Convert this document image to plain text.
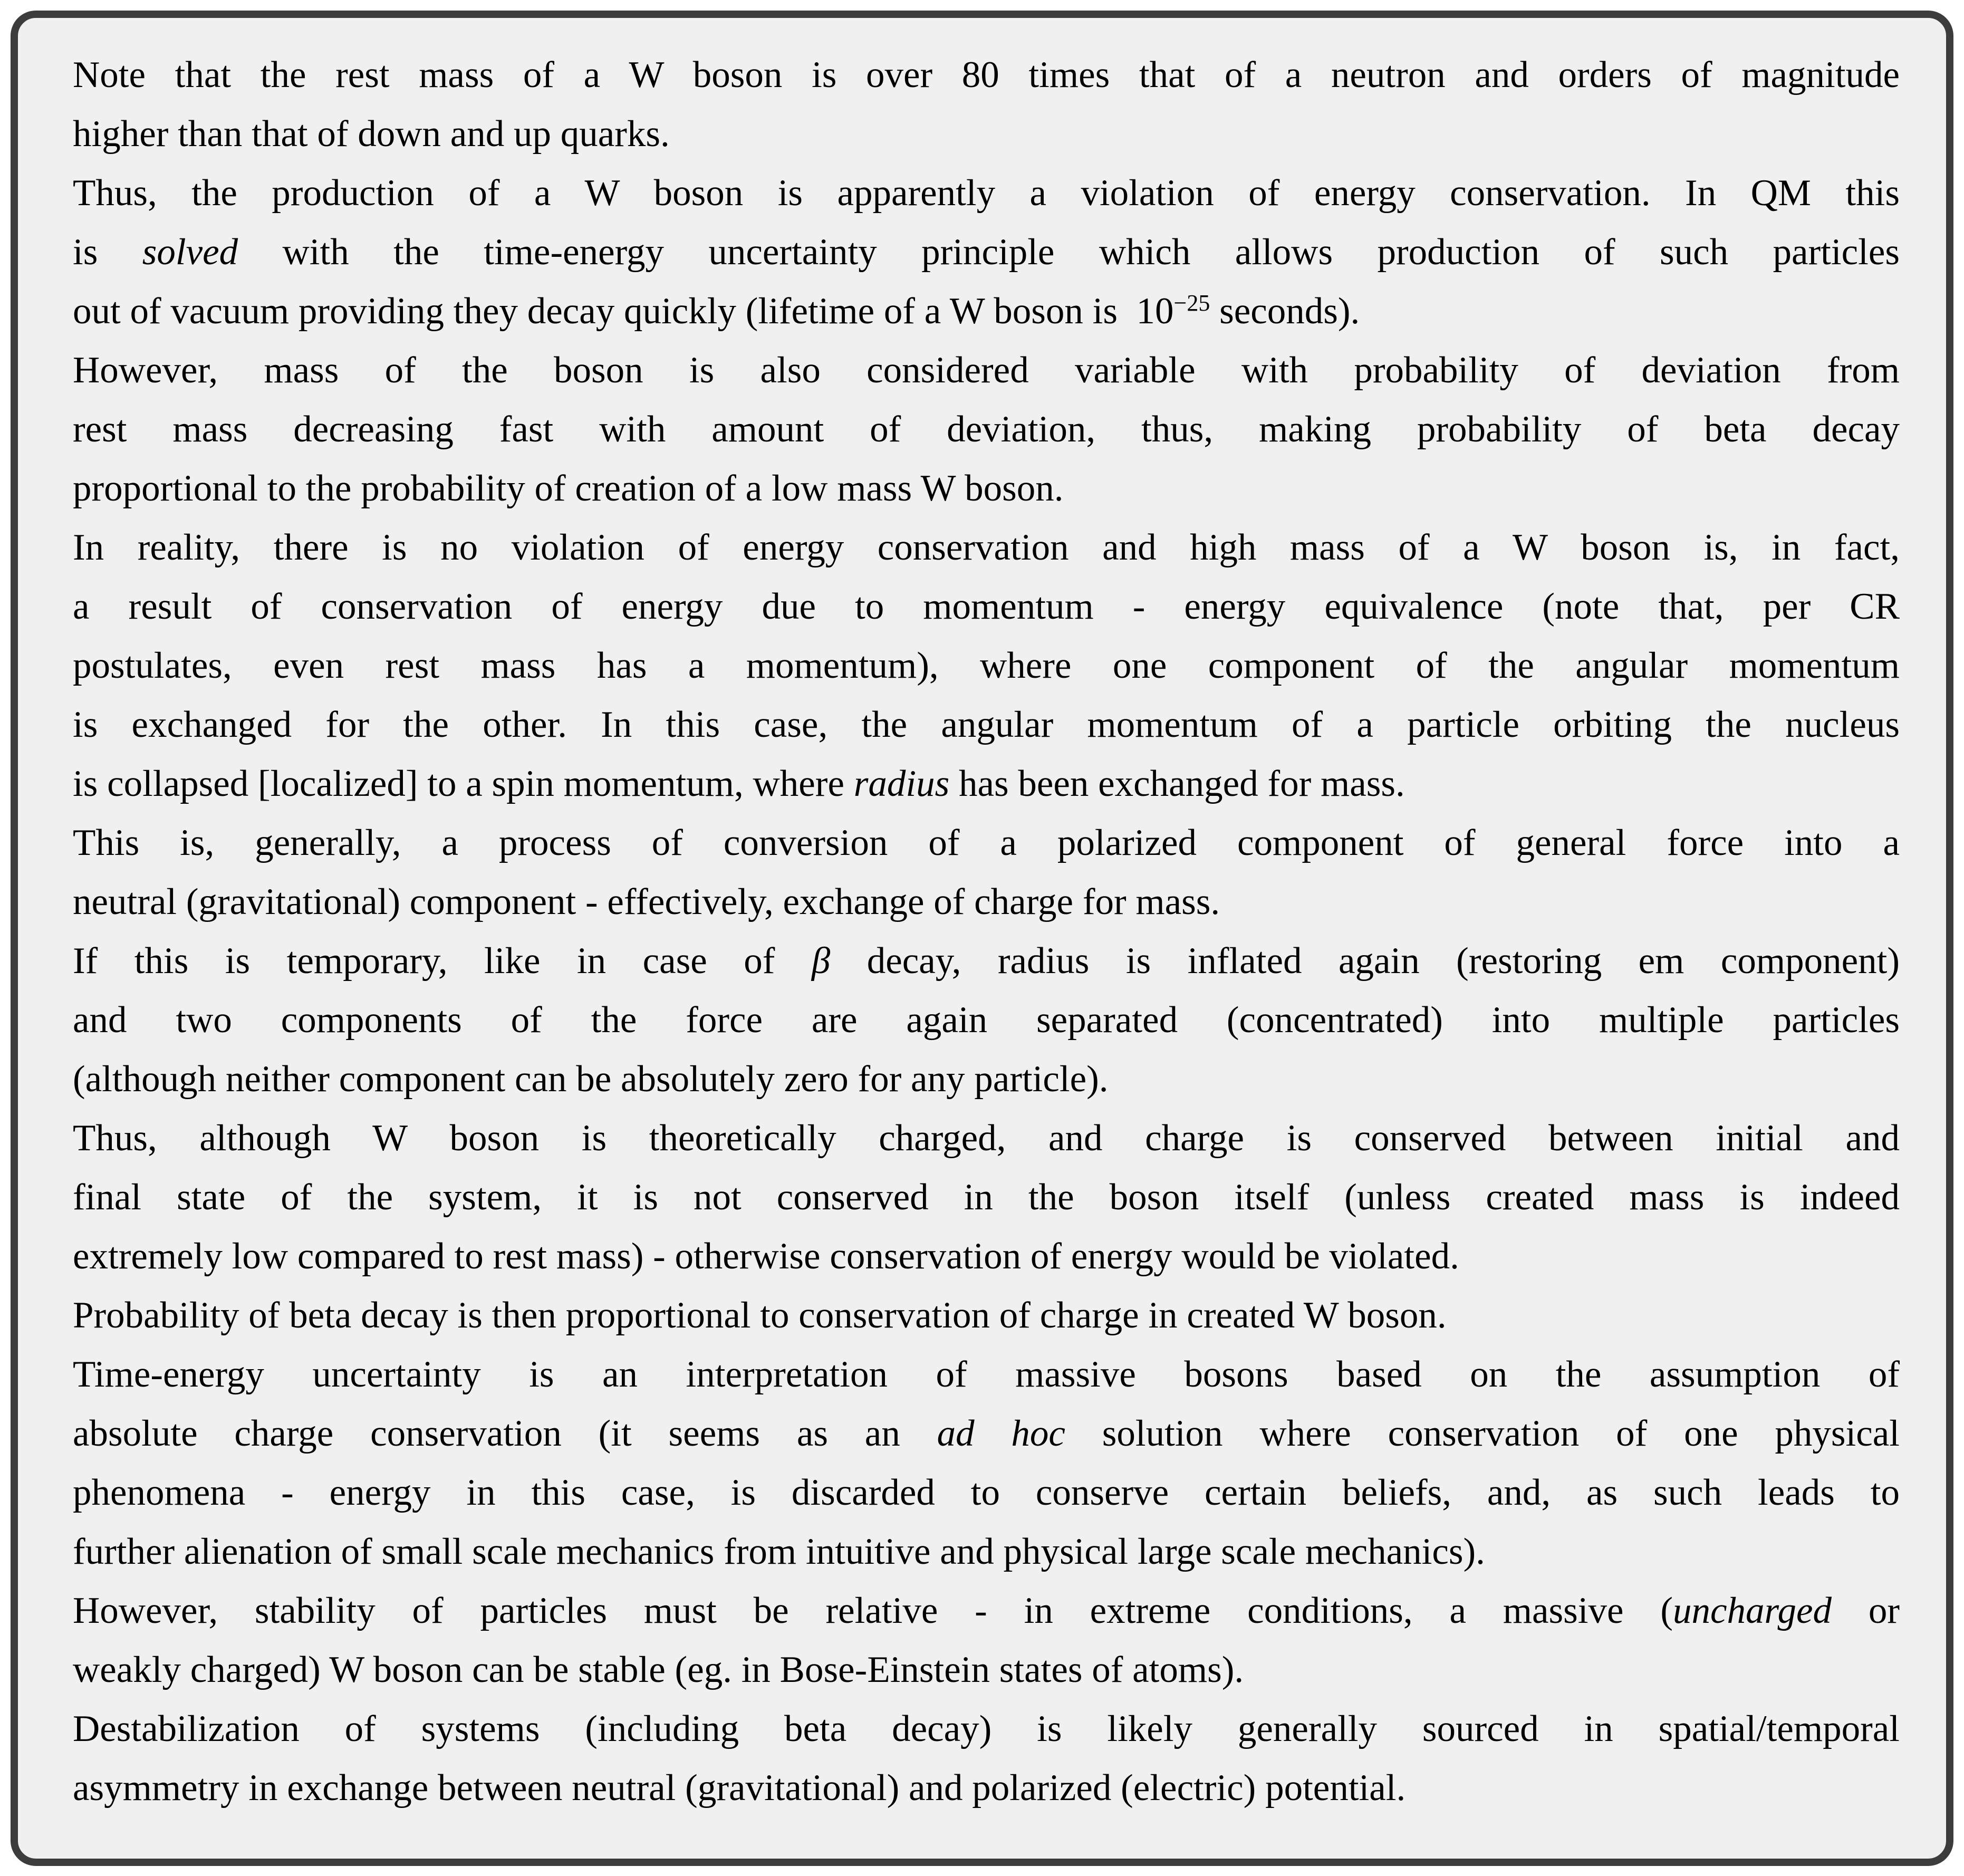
Note that the rest mass of a W boson is over 80 times that of a neutron and orders of magnitude
higher than that of down and up quarks.
Thus, the production of a W boson is apparently a violation of energy conservation. In QM this
is solved with the time-energy uncertainty principle which allows production of such particles
out of vacuum providing they decay quickly (lifetime of a W boson is  10−25 seconds).
However, mass of the boson is also considered variable with probability of deviation from
rest mass decreasing fast with amount of deviation, thus, making probability of beta decay
proportional to the probability of creation of a low mass W boson.
In reality, there is no violation of energy conservation and high mass of a W boson is, in fact,
a result of conservation of energy due to momentum - energy equivalence (note that, per CR
postulates, even rest mass has a momentum), where one component of the angular momentum
is exchanged for the other. In this case, the angular momentum of a particle orbiting the nucleus
is collapsed [localized] to a spin momentum, where radius has been exchanged for mass.
This is, generally, a process of conversion of a polarized component of general force into a
neutral (gravitational) component - effectively, exchange of charge for mass.
If this is temporary, like in case of β decay, radius is inflated again (restoring em component)
and two components of the force are again separated (concentrated) into multiple particles
(although neither component can be absolutely zero for any particle).
Thus, although W boson is theoretically charged, and charge is conserved between initial and
final state of the system, it is not conserved in the boson itself (unless created mass is indeed
extremely low compared to rest mass) - otherwise conservation of energy would be violated.
Probability of beta decay is then proportional to conservation of charge in created W boson.
Time-energy uncertainty is an interpretation of massive bosons based on the assumption of
absolute charge conservation (it seems as an ad hoc solution where conservation of one physical
phenomena - energy in this case, is discarded to conserve certain beliefs, and, as such leads to
further alienation of small scale mechanics from intuitive and physical large scale mechanics).
However, stability of particles must be relative - in extreme conditions, a massive (uncharged or
weakly charged) W boson can be stable (eg. in Bose-Einstein states of atoms).
Destabilization of systems (including beta decay) is likely generally sourced in spatial/temporal
asymmetry in exchange between neutral (gravitational) and polarized (electric) potential.
